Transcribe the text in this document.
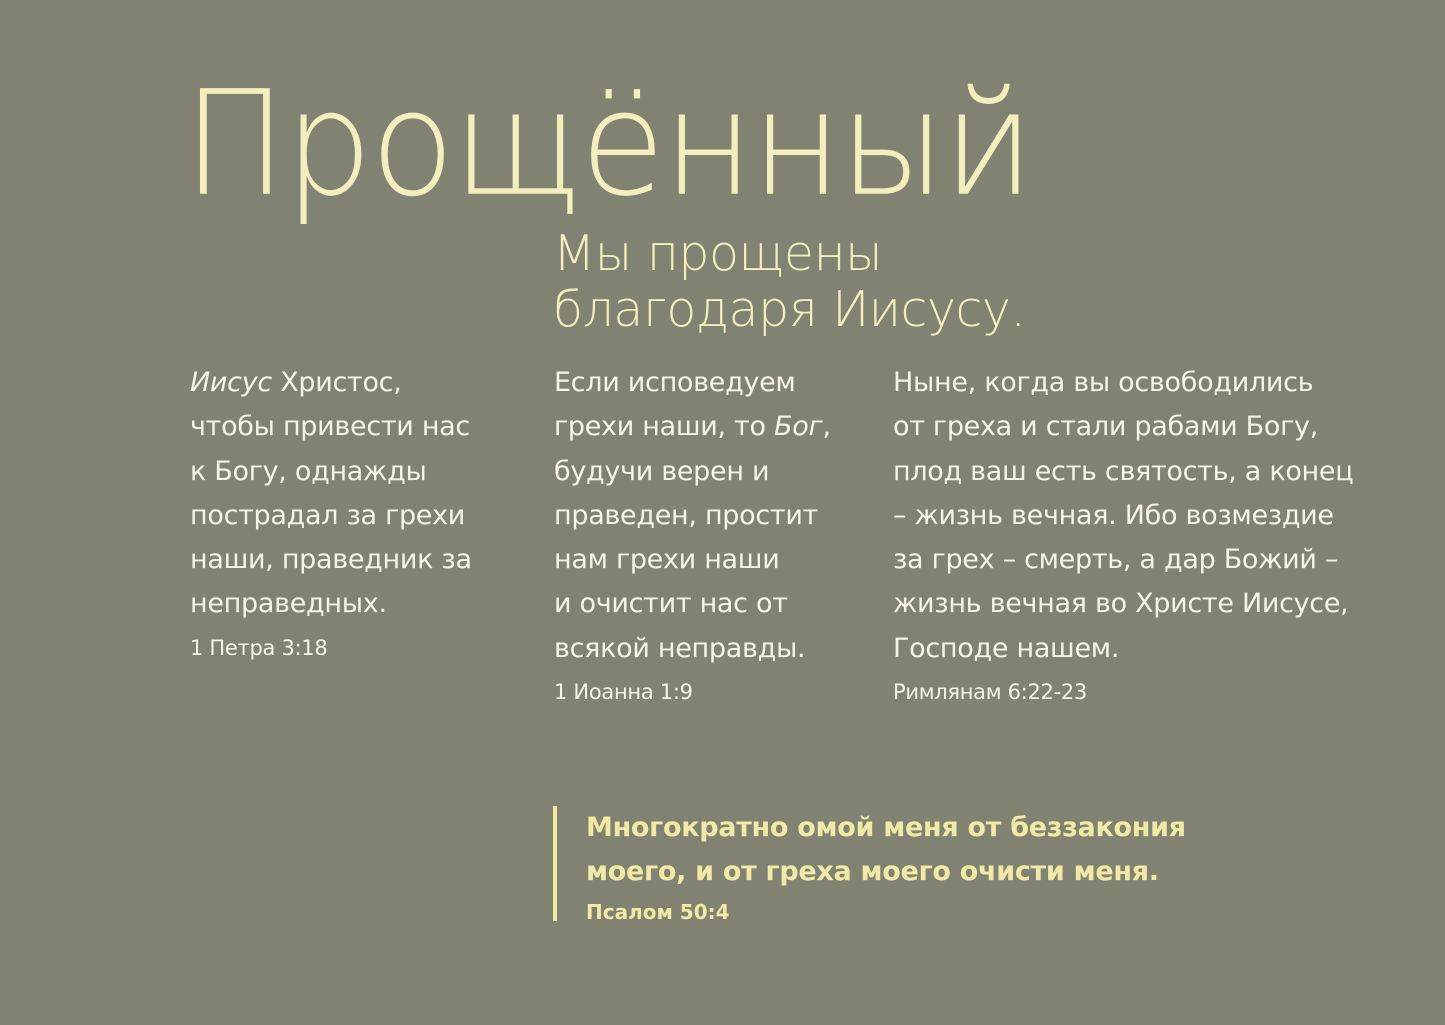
Прощённый
Мы прощены
благодаря Иисусу.
Иисус Христос,
чтобы привести нас
к Богу, однажды
пострадал за грехи
наши, праведник за
неправедных.
1 Петра 3:18
Если исповедуем
грехи наши, то Бог,
будучи верен и
праведен, простит
нам грехи наши
и очистит нас от
всякой неправды.
1 Иоанна 1:9
Ныне, когда вы освободились
от греха и стали рабами Богу,
плод ваш есть святость, а конец
– жизнь вечная. Ибо возмездие
за грех – смерть, а дар Божий –
жизнь вечная во Христе Иисусе,
Господе нашем.
Римлянам 6:22-23
Многократно омой меня от беззакония
моего, и от греха моего очисти меня.
Псалом 50:4
